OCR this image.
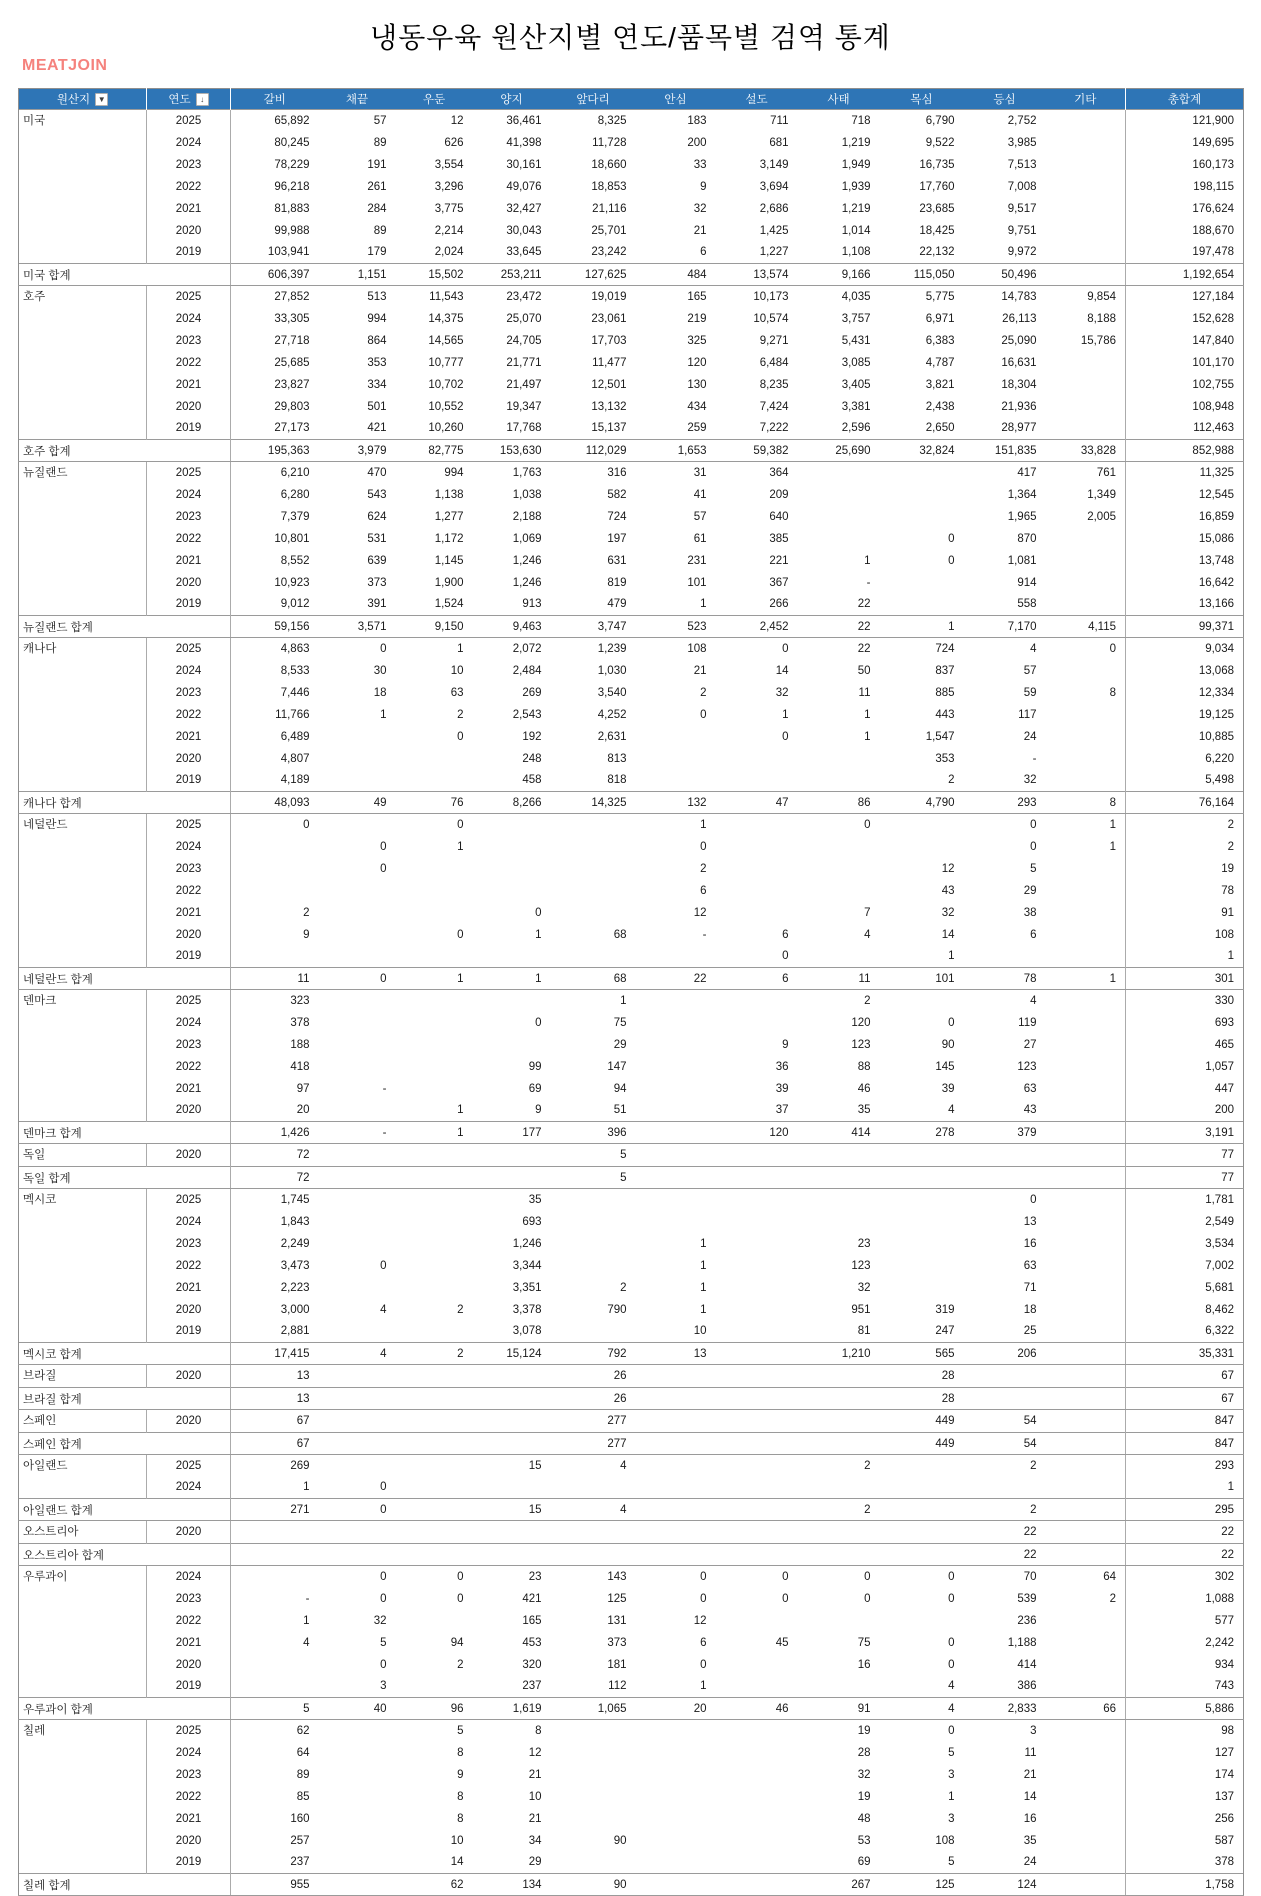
냉동우육 원산지별 연도/품목별 검역 통계
MEATJOIN
원산지 ▼	연도 ↓	갈비	채끝	우둔	양지	앞다리	안심	설도	사태	목심	등심	기타	총합계
미국	2025	65,892	57	12	36,461	8,325	183	711	718	6,790	2,752		121,900
	2024	80,245	89	626	41,398	11,728	200	681	1,219	9,522	3,985		149,695
	2023	78,229	191	3,554	30,161	18,660	33	3,149	1,949	16,735	7,513		160,173
	2022	96,218	261	3,296	49,076	18,853	9	3,694	1,939	17,760	7,008		198,115
	2021	81,883	284	3,775	32,427	21,116	32	2,686	1,219	23,685	9,517		176,624
	2020	99,988	89	2,214	30,043	25,701	21	1,425	1,014	18,425	9,751		188,670
	2019	103,941	179	2,024	33,645	23,242	6	1,227	1,108	22,132	9,972		197,478
미국 합계		606,397	1,151	15,502	253,211	127,625	484	13,574	9,166	115,050	50,496		1,192,654
호주	2025	27,852	513	11,543	23,472	19,019	165	10,173	4,035	5,775	14,783	9,854	127,184
	2024	33,305	994	14,375	25,070	23,061	219	10,574	3,757	6,971	26,113	8,188	152,628
	2023	27,718	864	14,565	24,705	17,703	325	9,271	5,431	6,383	25,090	15,786	147,840
	2022	25,685	353	10,777	21,771	11,477	120	6,484	3,085	4,787	16,631		101,170
	2021	23,827	334	10,702	21,497	12,501	130	8,235	3,405	3,821	18,304		102,755
	2020	29,803	501	10,552	19,347	13,132	434	7,424	3,381	2,438	21,936		108,948
	2019	27,173	421	10,260	17,768	15,137	259	7,222	2,596	2,650	28,977		112,463
호주 합계		195,363	3,979	82,775	153,630	112,029	1,653	59,382	25,690	32,824	151,835	33,828	852,988
뉴질랜드	2025	6,210	470	994	1,763	316	31	364			417	761	11,325
	2024	6,280	543	1,138	1,038	582	41	209			1,364	1,349	12,545
	2023	7,379	624	1,277	2,188	724	57	640			1,965	2,005	16,859
	2022	10,801	531	1,172	1,069	197	61	385		0	870		15,086
	2021	8,552	639	1,145	1,246	631	231	221	1	0	1,081		13,748
	2020	10,923	373	1,900	1,246	819	101	367	-		914		16,642
	2019	9,012	391	1,524	913	479	1	266	22		558		13,166
뉴질랜드 합계		59,156	3,571	9,150	9,463	3,747	523	2,452	22	1	7,170	4,115	99,371
캐나다	2025	4,863	0	1	2,072	1,239	108	0	22	724	4	0	9,034
	2024	8,533	30	10	2,484	1,030	21	14	50	837	57		13,068
	2023	7,446	18	63	269	3,540	2	32	11	885	59	8	12,334
	2022	11,766	1	2	2,543	4,252	0	1	1	443	117		19,125
	2021	6,489		0	192	2,631		0	1	1,547	24		10,885
	2020	4,807			248	813				353	-		6,220
	2019	4,189			458	818				2	32		5,498
캐나다 합계		48,093	49	76	8,266	14,325	132	47	86	4,790	293	8	76,164
네덜란드	2025	0		0			1		0		0	1	2
	2024		0	1			0				0	1	2
	2023		0				2			12	5		19
	2022						6			43	29		78
	2021	2			0		12		7	32	38		91
	2020	9		0	1	68	-	6	4	14	6		108
	2019							0		1			1
네덜란드 합계		11	0	1	1	68	22	6	11	101	78	1	301
덴마크	2025	323				1			2		4		330
	2024	378			0	75			120	0	119		693
	2023	188				29		9	123	90	27		465
	2022	418			99	147		36	88	145	123		1,057
	2021	97	-		69	94		39	46	39	63		447
	2020	20		1	9	51		37	35	4	43		200
덴마크 합계		1,426	-	1	177	396		120	414	278	379		3,191
독일	2020	72				5							77
독일 합계		72				5							77
멕시코	2025	1,745			35						0		1,781
	2024	1,843			693						13		2,549
	2023	2,249			1,246		1		23		16		3,534
	2022	3,473	0		3,344		1		123		63		7,002
	2021	2,223			3,351	2	1		32		71		5,681
	2020	3,000	4	2	3,378	790	1		951	319	18		8,462
	2019	2,881			3,078		10		81	247	25		6,322
멕시코 합계		17,415	4	2	15,124	792	13		1,210	565	206		35,331
브라질	2020	13				26				28			67
브라질 합계		13				26				28			67
스페인	2020	67				277				449	54		847
스페인 합계		67				277				449	54		847
아일랜드	2025	269			15	4			2		2		293
	2024	1	0										1
아일랜드 합계		271	0		15	4			2		2		295
오스트리아	2020										22		22
오스트리아 합계											22		22
우루과이	2024		0	0	23	143	0	0	0	0	70	64	302
	2023	-	0	0	421	125	0	0	0	0	539	2	1,088
	2022	1	32		165	131	12				236		577
	2021	4	5	94	453	373	6	45	75	0	1,188		2,242
	2020		0	2	320	181	0		16	0	414		934
	2019		3		237	112	1			4	386		743
우루과이 합계		5	40	96	1,619	1,065	20	46	91	4	2,833	66	5,886
칠레	2025	62		5	8				19	0	3		98
	2024	64		8	12				28	5	11		127
	2023	89		9	21				32	3	21		174
	2022	85		8	10				19	1	14		137
	2021	160		8	21				48	3	16		256
	2020	257		10	34	90			53	108	35		587
	2019	237		14	29				69	5	24		378
칠레 합계		955		62	134	90			267	125	124		1,758
